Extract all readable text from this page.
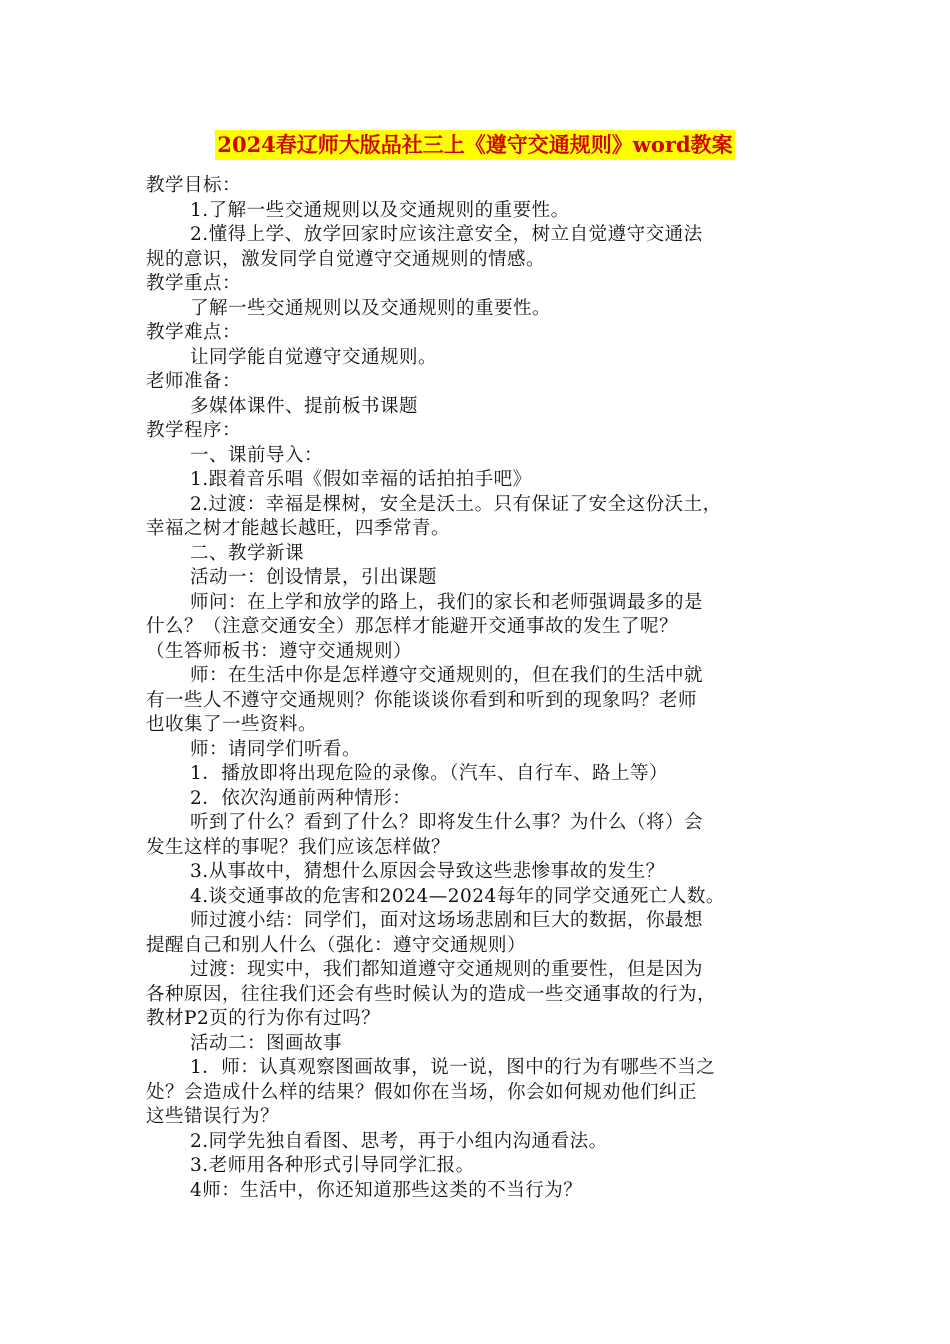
2024春辽师大版品社三上《遵守交通规则》word教案
教学目标：
1.了解一些交通规则以及交通规则的重要性。
2.懂得上学、放学回家时应该注意安全，树立自觉遵守交通法
规的意识，激发同学自觉遵守交通规则的情感。
教学重点：
了解一些交通规则以及交通规则的重要性。
教学难点：
让同学能自觉遵守交通规则。
老师准备：
多媒体课件、提前板书课题
教学程序：
一、课前导入：
1.跟着音乐唱《假如幸福的话拍拍手吧》
2.过渡：幸福是棵树，安全是沃土。只有保证了安全这份沃土，
幸福之树才能越长越旺，四季常青。
二、教学新课
活动一：创设情景，引出课题
师问：在上学和放学的路上，我们的家长和老师强调最多的是
什么？（注意交通安全）那怎样才能避开交通事故的发生了呢？
（生答师板书：遵守交通规则）
师：在生活中你是怎样遵守交通规则的，但在我们的生活中就
有一些人不遵守交通规则？你能谈谈你看到和听到的现象吗？老师
也收集了一些资料。
师：请同学们听看。
1．播放即将出现危险的录像。（汽车、自行车、路上等）
2．依次沟通前两种情形：
听到了什么？看到了什么？即将发生什么事？为什么（将）会
发生这样的事呢？我们应该怎样做？
3.从事故中，猜想什么原因会导致这些悲惨事故的发生？
4.谈交通事故的危害和2024—2024每年的同学交通死亡人数。
师过渡小结：同学们，面对这场场悲剧和巨大的数据，你最想
提醒自己和别人什么（强化：遵守交通规则）
过渡：现实中，我们都知道遵守交通规则的重要性，但是因为
各种原因，往往我们还会有些时候认为的造成一些交通事故的行为，
教材P2页的行为你有过吗？
活动二：图画故事
1．师：认真观察图画故事，说一说，图中的行为有哪些不当之
处？会造成什么样的结果？假如你在当场，你会如何规劝他们纠正
这些错误行为？
2.同学先独自看图、思考，再于小组内沟通看法。
3.老师用各种形式引导同学汇报。
4师：生活中，你还知道那些这类的不当行为？
